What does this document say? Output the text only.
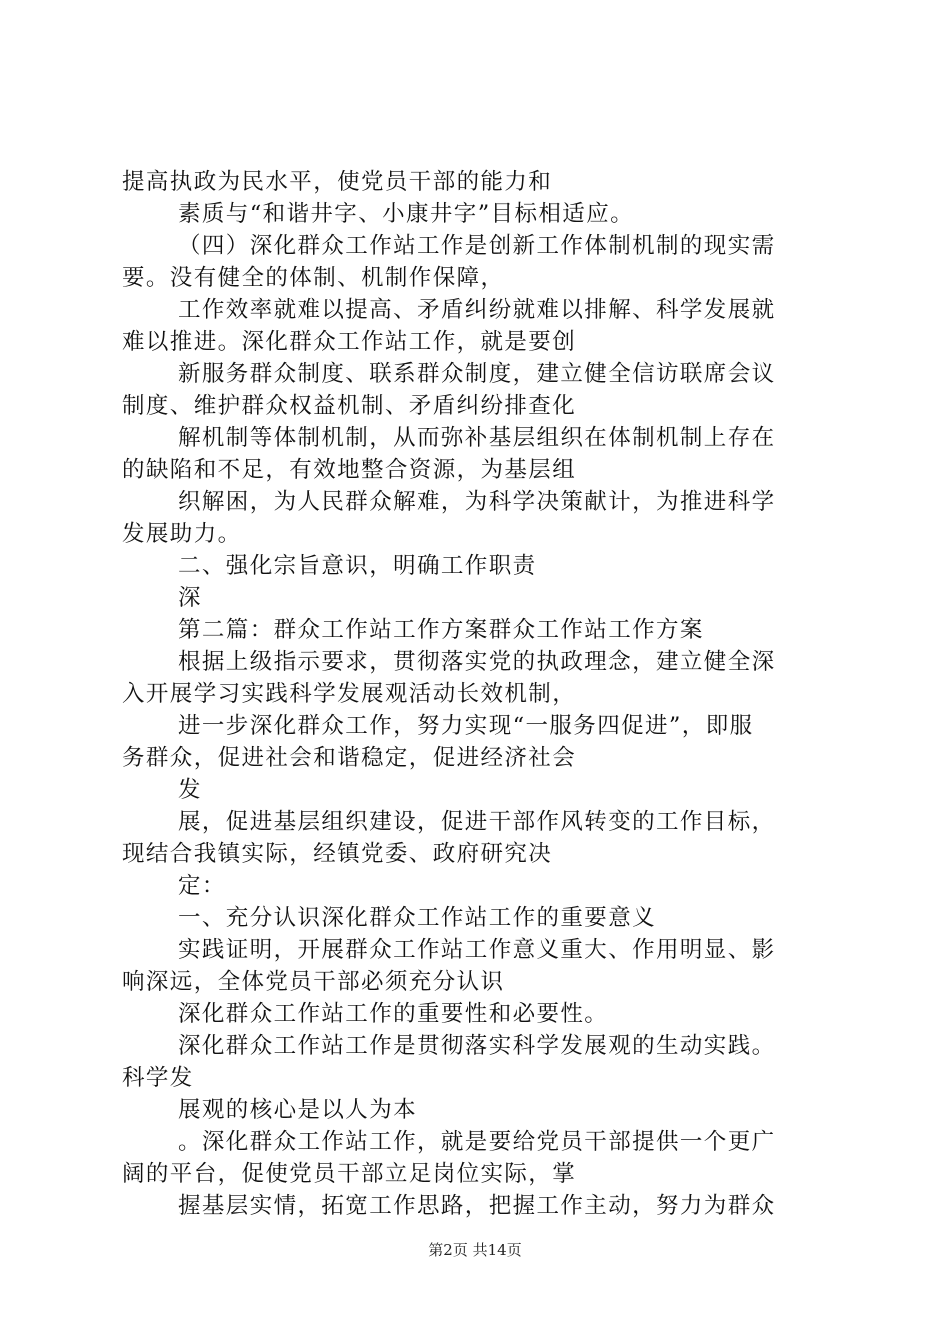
提高执政为民水平，使党员干部的能力和
素质与“和谐井字、小康井字”目标相适应。
（四）深化群众工作站工作是创新工作体制机制的现实需
要。没有健全的体制、机制作保障，
工作效率就难以提高、矛盾纠纷就难以排解、科学发展就
难以推进。深化群众工作站工作，就是要创
新服务群众制度、联系群众制度，建立健全信访联席会议
制度、维护群众权益机制、矛盾纠纷排查化
解机制等体制机制，从而弥补基层组织在体制机制上存在
的缺陷和不足，有效地整合资源，为基层组
织解困，为人民群众解难，为科学决策献计，为推进科学
发展助力。
二、强化宗旨意识，明确工作职责
深
第二篇：群众工作站工作方案群众工作站工作方案
根据上级指示要求，贯彻落实党的执政理念，建立健全深
入开展学习实践科学发展观活动长效机制，
进一步深化群众工作，努力实现“一服务四促进”，即服
务群众，促进社会和谐稳定，促进经济社会
发
展，促进基层组织建设，促进干部作风转变的工作目标，
现结合我镇实际，经镇党委、政府研究决
定：
一、充分认识深化群众工作站工作的重要意义
实践证明，开展群众工作站工作意义重大、作用明显、影
响深远，全体党员干部必须充分认识
深化群众工作站工作的重要性和必要性。
深化群众工作站工作是贯彻落实科学发展观的生动实践。
科学发
展观的核心是以人为本
。深化群众工作站工作，就是要给党员干部提供一个更广
阔的平台，促使党员干部立足岗位实际，掌
握基层实情，拓宽工作思路，把握工作主动，努力为群众
第2页 共14页
